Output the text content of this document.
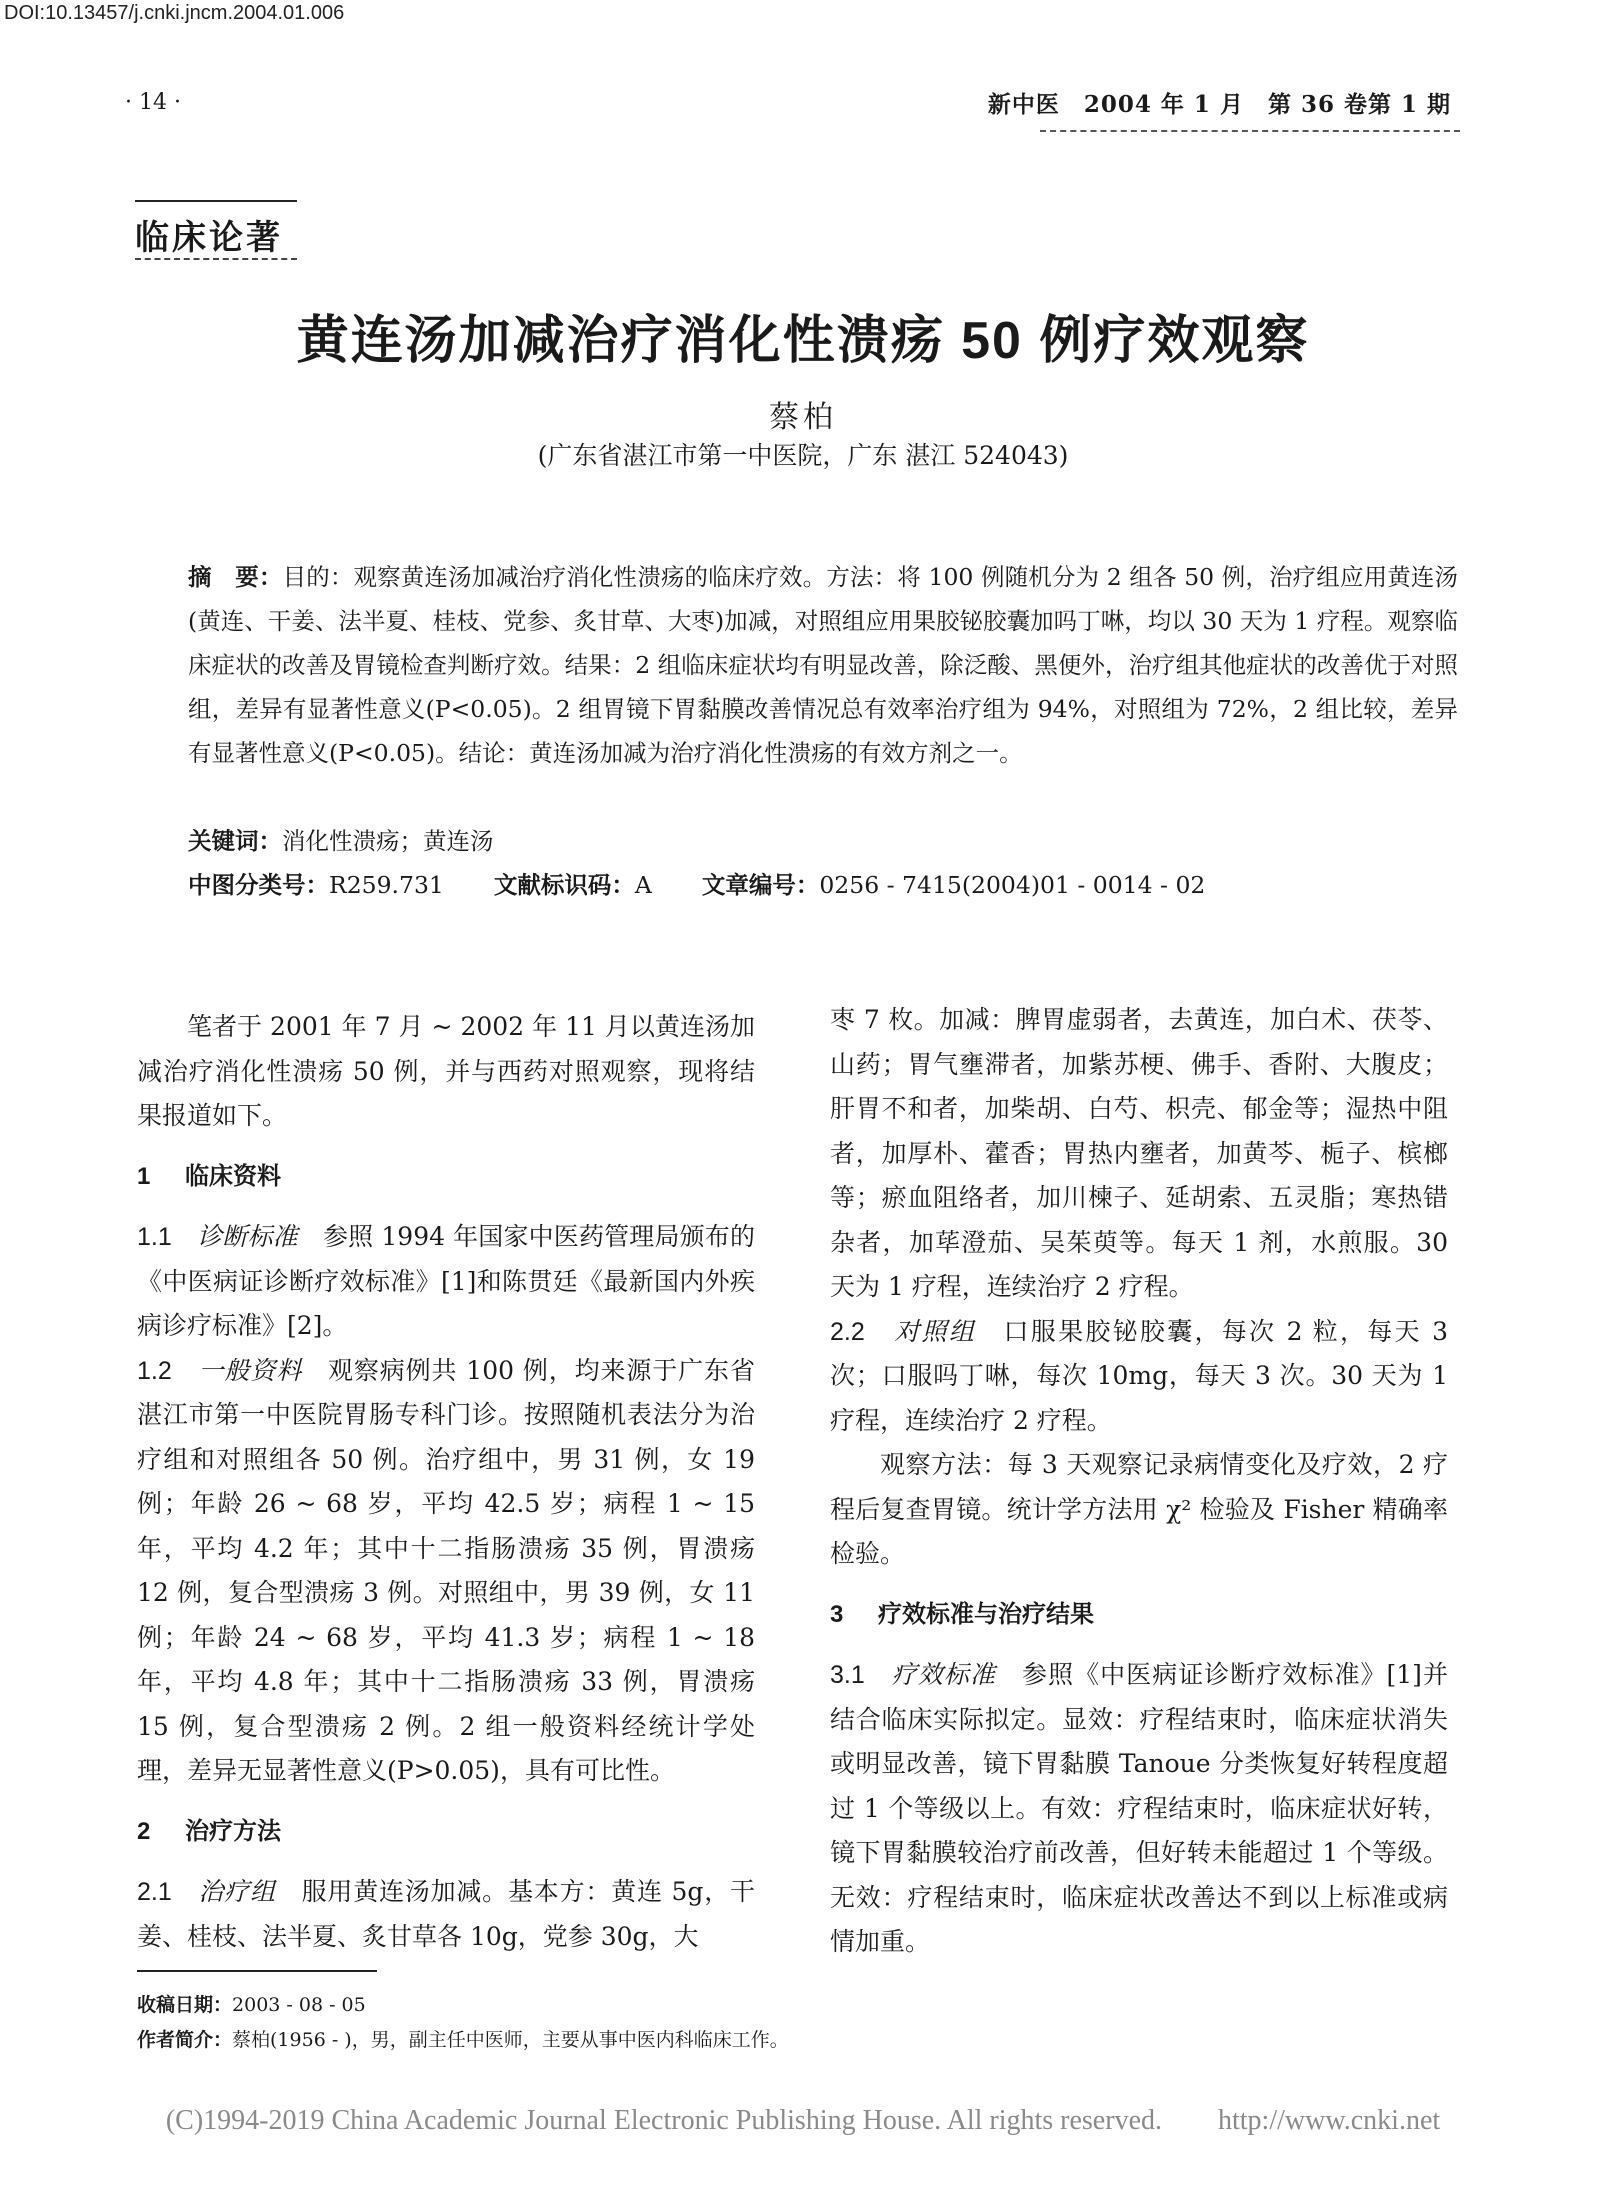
DOI:10.13457/j.cnki.jncm.2004.01.006
· 14 ·	新中医　2004 年 1 月　第 36 卷第 1 期
临床论著
黄连汤加减治疗消化性溃疡 50 例疗效观察
蔡柏
(广东省湛江市第一中医院，广东 湛江 524043)
摘　要：目的：观察黄连汤加减治疗消化性溃疡的临床疗效。方法：将 100 例随机分为 2 组各 50 例，治疗组应用黄连汤(黄连、干姜、法半夏、桂枝、党参、炙甘草、大枣)加减，对照组应用果胶铋胶囊加吗丁啉，均以 30 天为 1 疗程。观察临床症状的改善及胃镜检查判断疗效。结果：2 组临床症状均有明显改善，除泛酸、黑便外，治疗组其他症状的改善优于对照组，差异有显著性意义(P<0.05)。2 组胃镜下胃黏膜改善情况总有效率治疗组为 94%，对照组为 72%，2 组比较，差异有显著性意义(P<0.05)。结论：黄连汤加减为治疗消化性溃疡的有效方剂之一。
关键词：消化性溃疡；黄连汤
中图分类号：R259.731 文献标识码：A 文章编号：0256 - 7415(2004)01 - 0014 - 02

笔者于 2001 年 7 月 ~ 2002 年 11 月以黄连汤加减治疗消化性溃疡 50 例，并与西药对照观察，现将结果报道如下。

1 临床资料

1.1　 诊断标准　 参照 1994 年国家中医药管理局颁布的《中医病证诊断疗效标准》[1]和陈贯廷《最新国内外疾病诊疗标准》[2]。

1.2　 一般资料　 观察病例共 100 例，均来源于广东省湛江市第一中医院胃肠专科门诊。按照随机表法分为治疗组和对照组各 50 例。治疗组中，男 31 例，女 19 例；年龄 26 ~ 68 岁，平均 42.5 岁；病程 1 ~ 15 年，平均 4.2 年；其中十二指肠溃疡 35 例，胃溃疡 12 例，复合型溃疡 3 例。对照组中，男 39 例，女 11 例；年龄 24 ~ 68 岁，平均 41.3 岁；病程 1 ~ 18 年，平均 4.8 年；其中十二指肠溃疡 33 例，胃溃疡 15 例，复合型溃疡 2 例。2 组一般资料经统计学处理，差异无显著性意义(P>0.05)，具有可比性。

2 治疗方法

2.1　 治疗组　 服用黄连汤加减。基本方：黄连 5g，干姜、桂枝、法半夏、炙甘草各 10g，党参 30g，大

枣 7 枚。加减：脾胃虚弱者，去黄连，加白术、茯苓、山药；胃气壅滞者，加紫苏梗、佛手、香附、大腹皮；肝胃不和者，加柴胡、白芍、枳壳、郁金等；湿热中阻者，加厚朴、藿香；胃热内壅者，加黄芩、栀子、槟榔等；瘀血阻络者，加川楝子、延胡索、五灵脂；寒热错杂者，加荜澄茄、吴茱萸等。每天 1 剂，水煎服。30 天为 1 疗程，连续治疗 2 疗程。

2.2　 对照组　 口服果胶铋胶囊，每次 2 粒，每天 3 次；口服吗丁啉，每次 10mg，每天 3 次。30 天为 1 疗程，连续治疗 2 疗程。

观察方法：每 3 天观察记录病情变化及疗效，2 疗程后复查胃镜。统计学方法用 χ² 检验及 Fisher 精确率检验。

3 疗效标准与治疗结果

3.1　 疗效标准　 参照《中医病证诊断疗效标准》[1]并结合临床实际拟定。显效：疗程结束时，临床症状消失或明显改善，镜下胃黏膜 Tanoue 分类恢复好转程度超过 1 个等级以上。有效：疗程结束时，临床症状好转，镜下胃黏膜较治疗前改善，但好转未能超过 1 个等级。无效：疗程结束时，临床症状改善达不到以上标准或病情加重。

收稿日期：2003 - 08 - 05
作者简介：蔡柏(1956 - )，男，副主任中医师，主要从事中医内科临床工作。
(C)1994-2019 China Academic Journal Electronic Publishing House. All rights reserved.　　http://www.cnki.net
